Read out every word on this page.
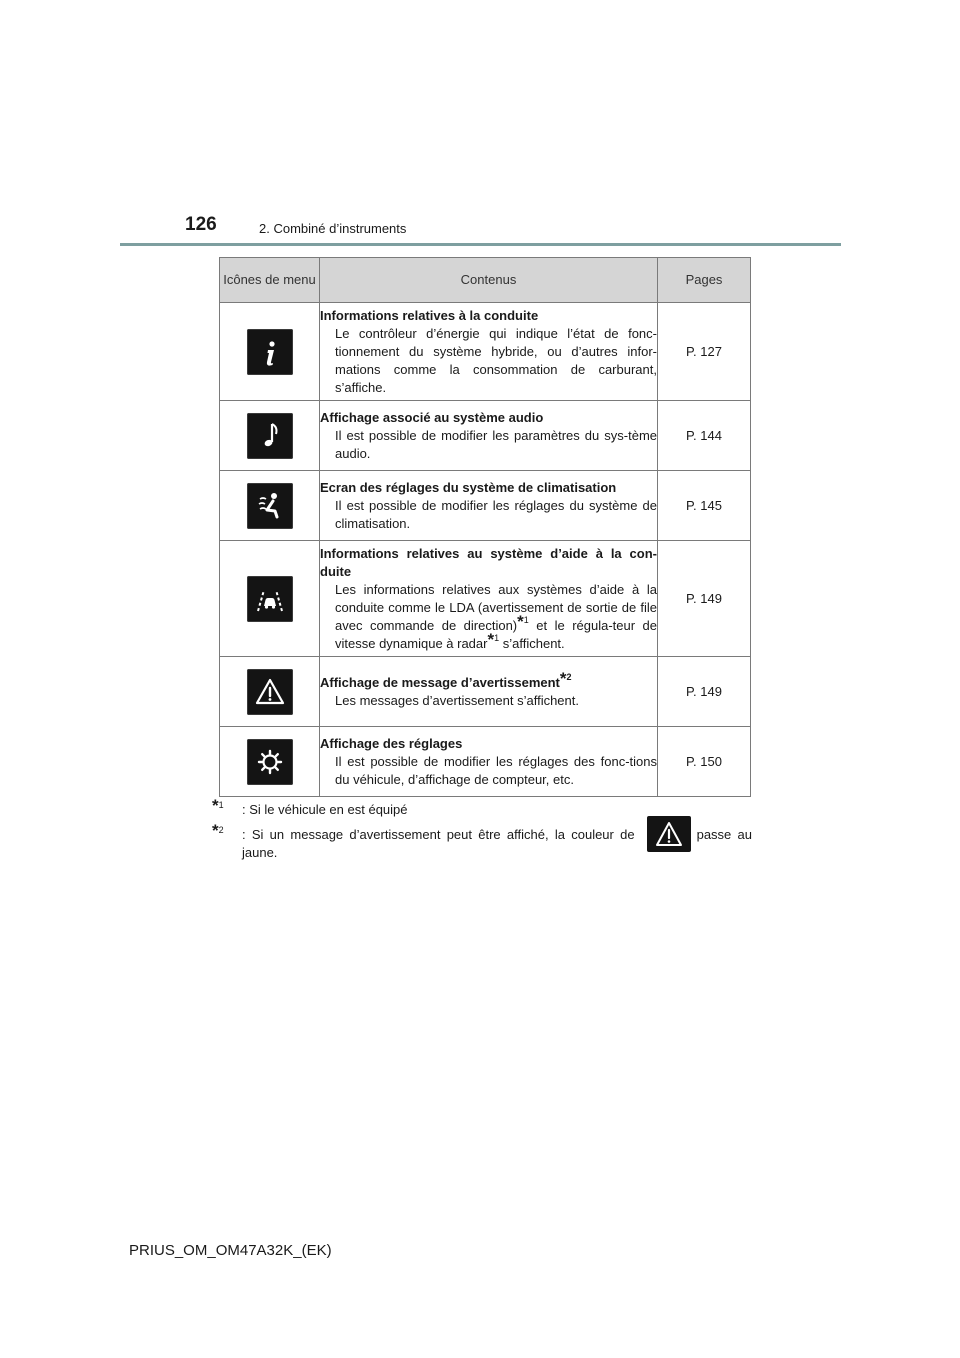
126	2. Combiné d’instruments
Icônes de menu	Contenus	Pages

Informations relatives à la conduite
Le contrôleur d’énergie qui indique l’état de fonc-tionnement du système hybride, ou d’autres infor-mations comme la consommation de carburant, s’affiche.	P. 127

Affichage associé au système audio
Il est possible de modifier les paramètres du sys-tème audio.	P. 144

Ecran des réglages du système de climatisation
Il est possible de modifier les réglages du système de climatisation.	P. 145

Informations relatives au système d’aide à la con-duite
Les informations relatives aux systèmes d’aide à la conduite comme le LDA (avertissement de sortie de file avec commande de direction)*$^1$ et le régula-teur de vitesse dynamique à radar*$^1$ s’affichent.	P. 149

Affichage de message d’avertissement*$^2$
Les messages d’avertissement s’affichent.	P. 149

Affichage des réglages
Il est possible de modifier les réglages des fonc-tions du véhicule, d’affichage de compteur, etc.	P. 150
*$^1$ : Si le véhicule en est équipé
*$^2$ : Si un message d’avertissement peut être affiché, la couleur de	passe au jaune.
PRIUS_OM_OM47A32K_(EK)
